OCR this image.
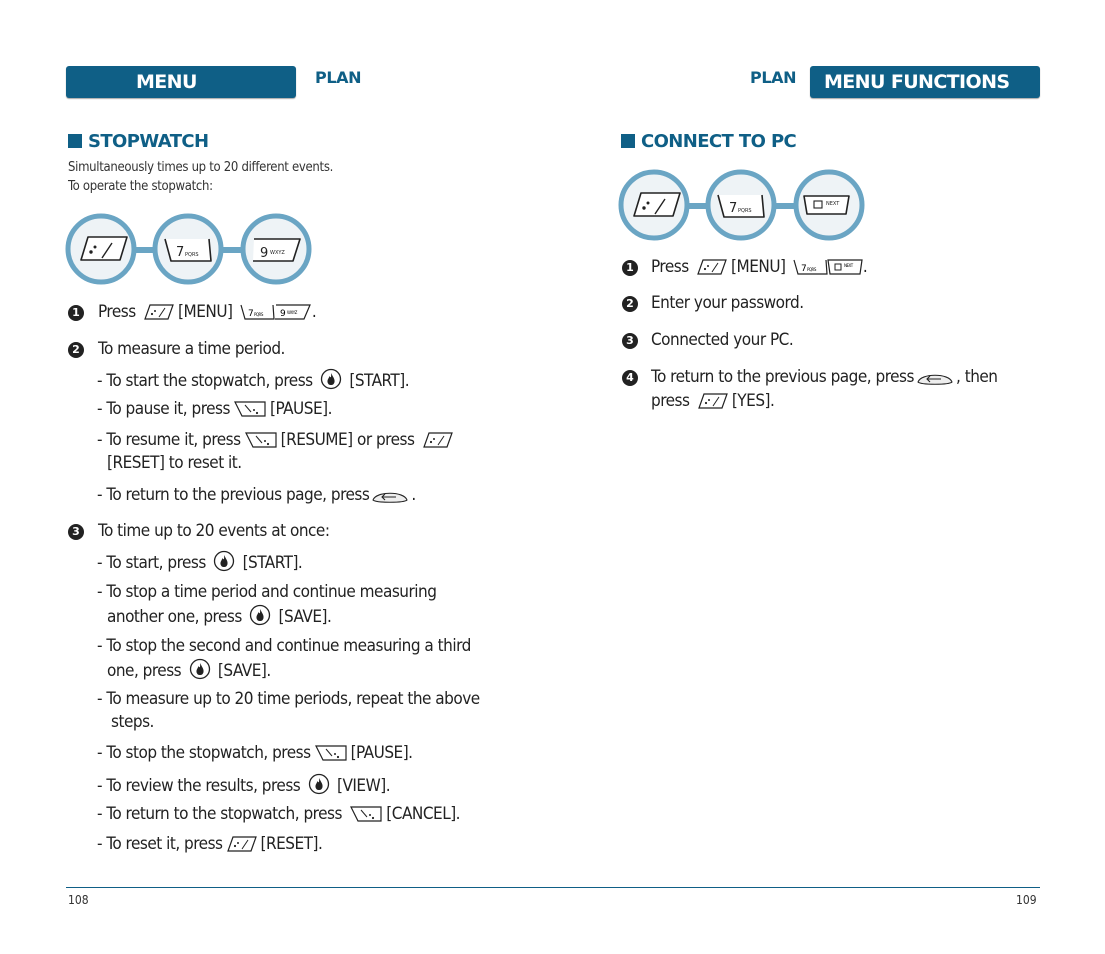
MENU FUNCTIONS
PLAN
STOPWATCH
Simultaneously times up to 20 different events.
To operate the stopwatch:
7 PQRS	9 WXYZ
1 Press [MENU] 7 PQRS 9 WXYZ .
2 To measure a time period.
- To start the stopwatch, press [START].
- To pause it, press [PAUSE].
- To resume it, press [RESUME] or press
[RESET] to reset it.
- To return to the previous page, press .
3 To time up to 20 events at once:
- To start, press [START].
- To stop a time period and continue measuring
another one, press [SAVE].
- To stop the second and continue measuring a third
one, press [SAVE].
- To measure up to 20 time periods, repeat the above
steps.
- To stop the stopwatch, press [PAUSE].
- To review the results, press [VIEW].
- To return to the stopwatch, press	[CANCEL].
- To reset it, press [RESET].
108
PLAN MENU FUNCTIONS
CONNECT TO PC
7 PQRS
NEXT
1 Press [MENU] 7 PQRS
NEXT .
2 Enter your password.
3 Connected your PC.
4 To return to the previous page, press , then
press [YES].
109
